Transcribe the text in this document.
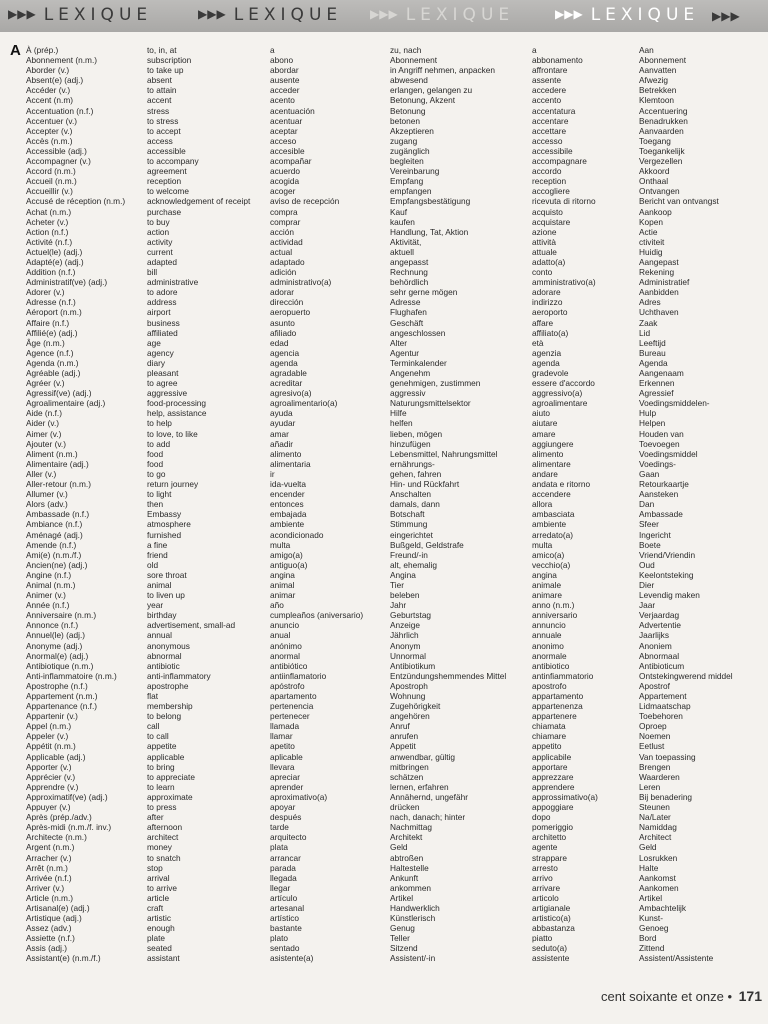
▶▶▶ LEXIQUE	▶▶▶ LEXIQUE ▶▶▶ LEXIQUE	▶▶▶ LEXIQUE ▶▶▶
A À (prép.)
Abonnement (n.m.)
Aborder (v.)
Absent(e) (adj.)
Accéder (v.)
Accent (n.m)
Accentuation (n.f.)
Accentuer (v.)
Accepter (v.)
Accès (n.m.)
Accessible (adj.)
Accompagner (v.)
Accord (n.m.)
Accueil (n.m.)
Accueillir (v.)
Accusé de réception (n.m.)
Achat (n.m.)
Acheter (v.)
Action (n.f.)
Activité (n.f.)
Actuel(le) (adj.)
Adapté(e) (adj.)
Addition (n.f.)
Administratif(ve) (adj.)
Adorer (v.)
Adresse (n.f.)
Aéroport (n.m.)
Affaire (n.f.)
Affilié(e) (adj.)
Âge (n.m.)
Agence (n.f.)
Agenda (n.m.)
Agréable (adj.)
Agréer (v.)
Agressif(ve) (adj.)
Agroalimentaire (adj.)
Aide (n.f.)
Aider (v.)
Aimer (v.)
Ajouter (v.)
Aliment (n.m.)
Alimentaire (adj.)
Aller (v.)
Aller-retour (n.m.)
Allumer (v.)
Alors (adv.)
Ambassade (n.f.)
Ambiance (n.f.)
Aménagé (adj.)
Amende (n.f.)
Ami(e) (n.m./f.)
Ancien(ne) (adj.)
Angine (n.f.)
Animal (n.m.)
Animer (v.)
Année (n.f.)
Anniversaire (n.m.)
Annonce (n.f.)
Annuel(le) (adj.)
Anonyme (adj.)
Anormal(e) (adj.)
Antibiotique (n.m.)
Anti-inflammatoire (n.m.)
Apostrophe (n.f.)
Appartement (n.m.)
Appartenance (n.f.)
Appartenir (v.)
Appel (n.m.)
Appeler (v.)
Appétit (n.m.)
Applicable (adj.)
Apporter (v.)
Apprécier (v.)
Apprendre (v.)
Approximatif(ve) (adj.)
Appuyer (v.)
Après (prép./adv.)
Après-midi (n.m./f. inv.)
Architecte (n.m.)
Argent (n.m.)
Arracher (v.)
Arrêt (n.m.)
Arrivée (n.f.)
Arriver (v.)
Article (n.m.)
Artisanal(e) (adj.)
Artistique (adj.)
Assez (adv.)
Assiette (n.f.)
Assis (adj.)
Assistant(e) (n.m./f.)
to, in, at
subscription
to take up
absent
to attain
accent
stress
to stress
to accept
access
accessible
to accompany
agreement
reception
to welcome
acknowledgement of receipt
purchase
to buy
action
activity
current
adapted
bill
administrative
to adore
address
airport
business
affiliated
age
agency
diary
pleasant
to agree
aggressive
food-processing
help, assistance
to help
to love, to like
to add
food
food
to go
return journey
to light
then
Embassy
atmosphere
furnished
a fine
friend
old
sore throat
animal
to liven up
year
birthday
advertisement, small-ad
annual
anonymous
abnormal
antibiotic
anti-inflammatory
apostrophe
flat
membership
to belong
call
to call
appetite
applicable
to bring
to appreciate
to learn
approximate
to press
after
afternoon
architect
money
to snatch
stop
arrival
to arrive
article
craft
artistic
enough
plate
seated
assistant
a
abono
abordar
ausente
acceder
acento
acentuación
acentuar
aceptar
acceso
accesible
acompañar
acuerdo
acogida
acoger
aviso de recepción
compra
comprar
acción
actividad
actual
adaptado
adición
administrativo(a)
adorar
dirección
aeropuerto
asunto
afiliado
edad
agencia
agenda
agradable
acreditar
agresivo(a)
agroalimentario(a)
ayuda
ayudar
amar
añadir
alimento
alimentaria
ir
ida-vuelta
encender
entonces
embajada
ambiente
acondicionado
multa
amigo(a)
antiguo(a)
angina
animal
animar
año
cumpleaños (aniversario)
anuncio
anual
anónimo
anormal
antibiótico
antiinflamatorio
apóstrofo
apartamento
pertenencia
pertenecer
llamada
llamar
apetito
aplicable
llevara
apreciar
aprender
aproximativo(a)
apoyar
después
tarde
arquitecto
plata
arrancar
parada
llegada
llegar
artículo
artesanal
artístico
bastante
plato
sentado
asistente(a)
zu, nach
Abonnement
in Angriff nehmen, anpacken
abwesend
erlangen, gelangen zu
Betonung, Akzent
Betonung
betonen
Akzeptieren
zugang
zugänglich
begleiten
Vereinbarung
Empfang
empfangen
Empfangsbestätigung
Kauf
kaufen
Handlung, Tat, Aktion
Aktivität,
aktuell
angepasst
Rechnung
behördlich
sehr gerne mögen
Adresse
Flughafen
Geschäft
angeschlossen
Alter
Agentur
Terminkalender
Angenehm
genehmigen, zustimmen
aggressiv
Naturungsmittelsektor
Hilfe
helfen
lieben, mögen
hinzufügen
Lebensmittel, Nahrungsmittel
ernährungs-
gehen, fahren
Hin- und Rückfahrt
Anschalten
damals, dann
Botschaft
Stimmung
eingerichtet
Bußgeld, Geldstrafe
Freund/-in
alt, ehemalig
Angina
Tier
beleben
Jahr
Geburtstag
Anzeige
Jährlich
Anonym
Unnormal
Antibiotikum
Entzündungshemmendes Mittel
Apostroph
Wohnung
Zugehörigkeit
angehören
Anruf
anrufen
Appetit
anwendbar, gültig
mitbringen
schätzen
lernen, erfahren
Annähernd, ungefähr
drücken
nach, danach; hinter
Nachmittag
Architekt
Geld
abtroßen
Haltestelle
Ankunft
ankommen
Artikel
Handwerklich
Künstlerisch
Genug
Teller
Sitzend
Assistent/-in
a
abbonamento
affrontare
assente
accedere
accento
accentatura
accentare
accettare
accesso
accessibile
accompagnare
accordo
reception
accogliere
ricevuta di ritorno
acquisto
acquistare
azione
attività
attuale
adatto(a)
conto
amministrativo(a)
adorare
indirizzo
aeroporto
affare
affiliato(a)
età
agenzia
agenda
gradevole
essere d'accordo
aggressivo(a)
agroalimentare
aiuto
aiutare
amare
aggiungere
alimento
alimentare
andare
andata e ritorno
accendere
allora
ambasciata
ambiente
arredato(a)
multa
amico(a)
vecchio(a)
angina
animale
animare
anno (n.m.)
anniversario
annuncio
annuale
anonimo
anormale
antibiotico
antinfiammatorio
apostrofo
appartamento
appartenenza
appartenere
chiamata
chiamare
appetito
applicabile
apportare
apprezzare
apprendere
approssimativo(a)
appoggiare
dopo
pomeriggio
architetto
agente
strappare
arresto
arrivo
arrivare
articolo
artigianale
artistico(a)
abbastanza
piatto
seduto(a)
assistente
Aan
Abonnement
Aanvatten
Afwezig
Betrekken
Klemtoon
Accentuering
Benadrukken
Aanvaarden
Toegang
Toegankelijk
Vergezellen
Akkoord
Onthaal
Ontvangen
Bericht van ontvangst
Aankoop
Kopen
Actie
ctiviteit
Huidig
Aangepast
Rekening
Administratief
Aanbidden
Adres
Uchthaven
Zaak
Lid
Leeftijd
Bureau
Agenda
Aangenaam
Erkennen
Agressief
Voedingsmiddelen-
Hulp
Helpen
Houden van
Toevoegen
Voedingsmiddel
Voedings-
Gaan
Retourkaartje
Aansteken
Dan
Ambassade
Sfeer
Ingericht
Boete
Vriend/Vriendin
Oud
Keelontsteking
Dier
Levendig maken
Jaar
Verjaardag
Advertentie
Jaarlijks
Anoniem
Abnormaal
Antibioticum
Ontstekingwerend middel
Apostrof
Appartement
Lidmaatschap
Toebehoren
Oproep
Noemen
Eetlust
Van toepassing
Brengen
Waarderen
Leren
Bij benadering
Steunen
Na/Later
Namiddag
Architect
Geld
Losrukken
Halte
Aankomst
Aankomen
Artikel
Ambachtelijk
Kunst-
Genoeg
Bord
Zittend
Assistent/Assistente
cent soixante et onze • 171
